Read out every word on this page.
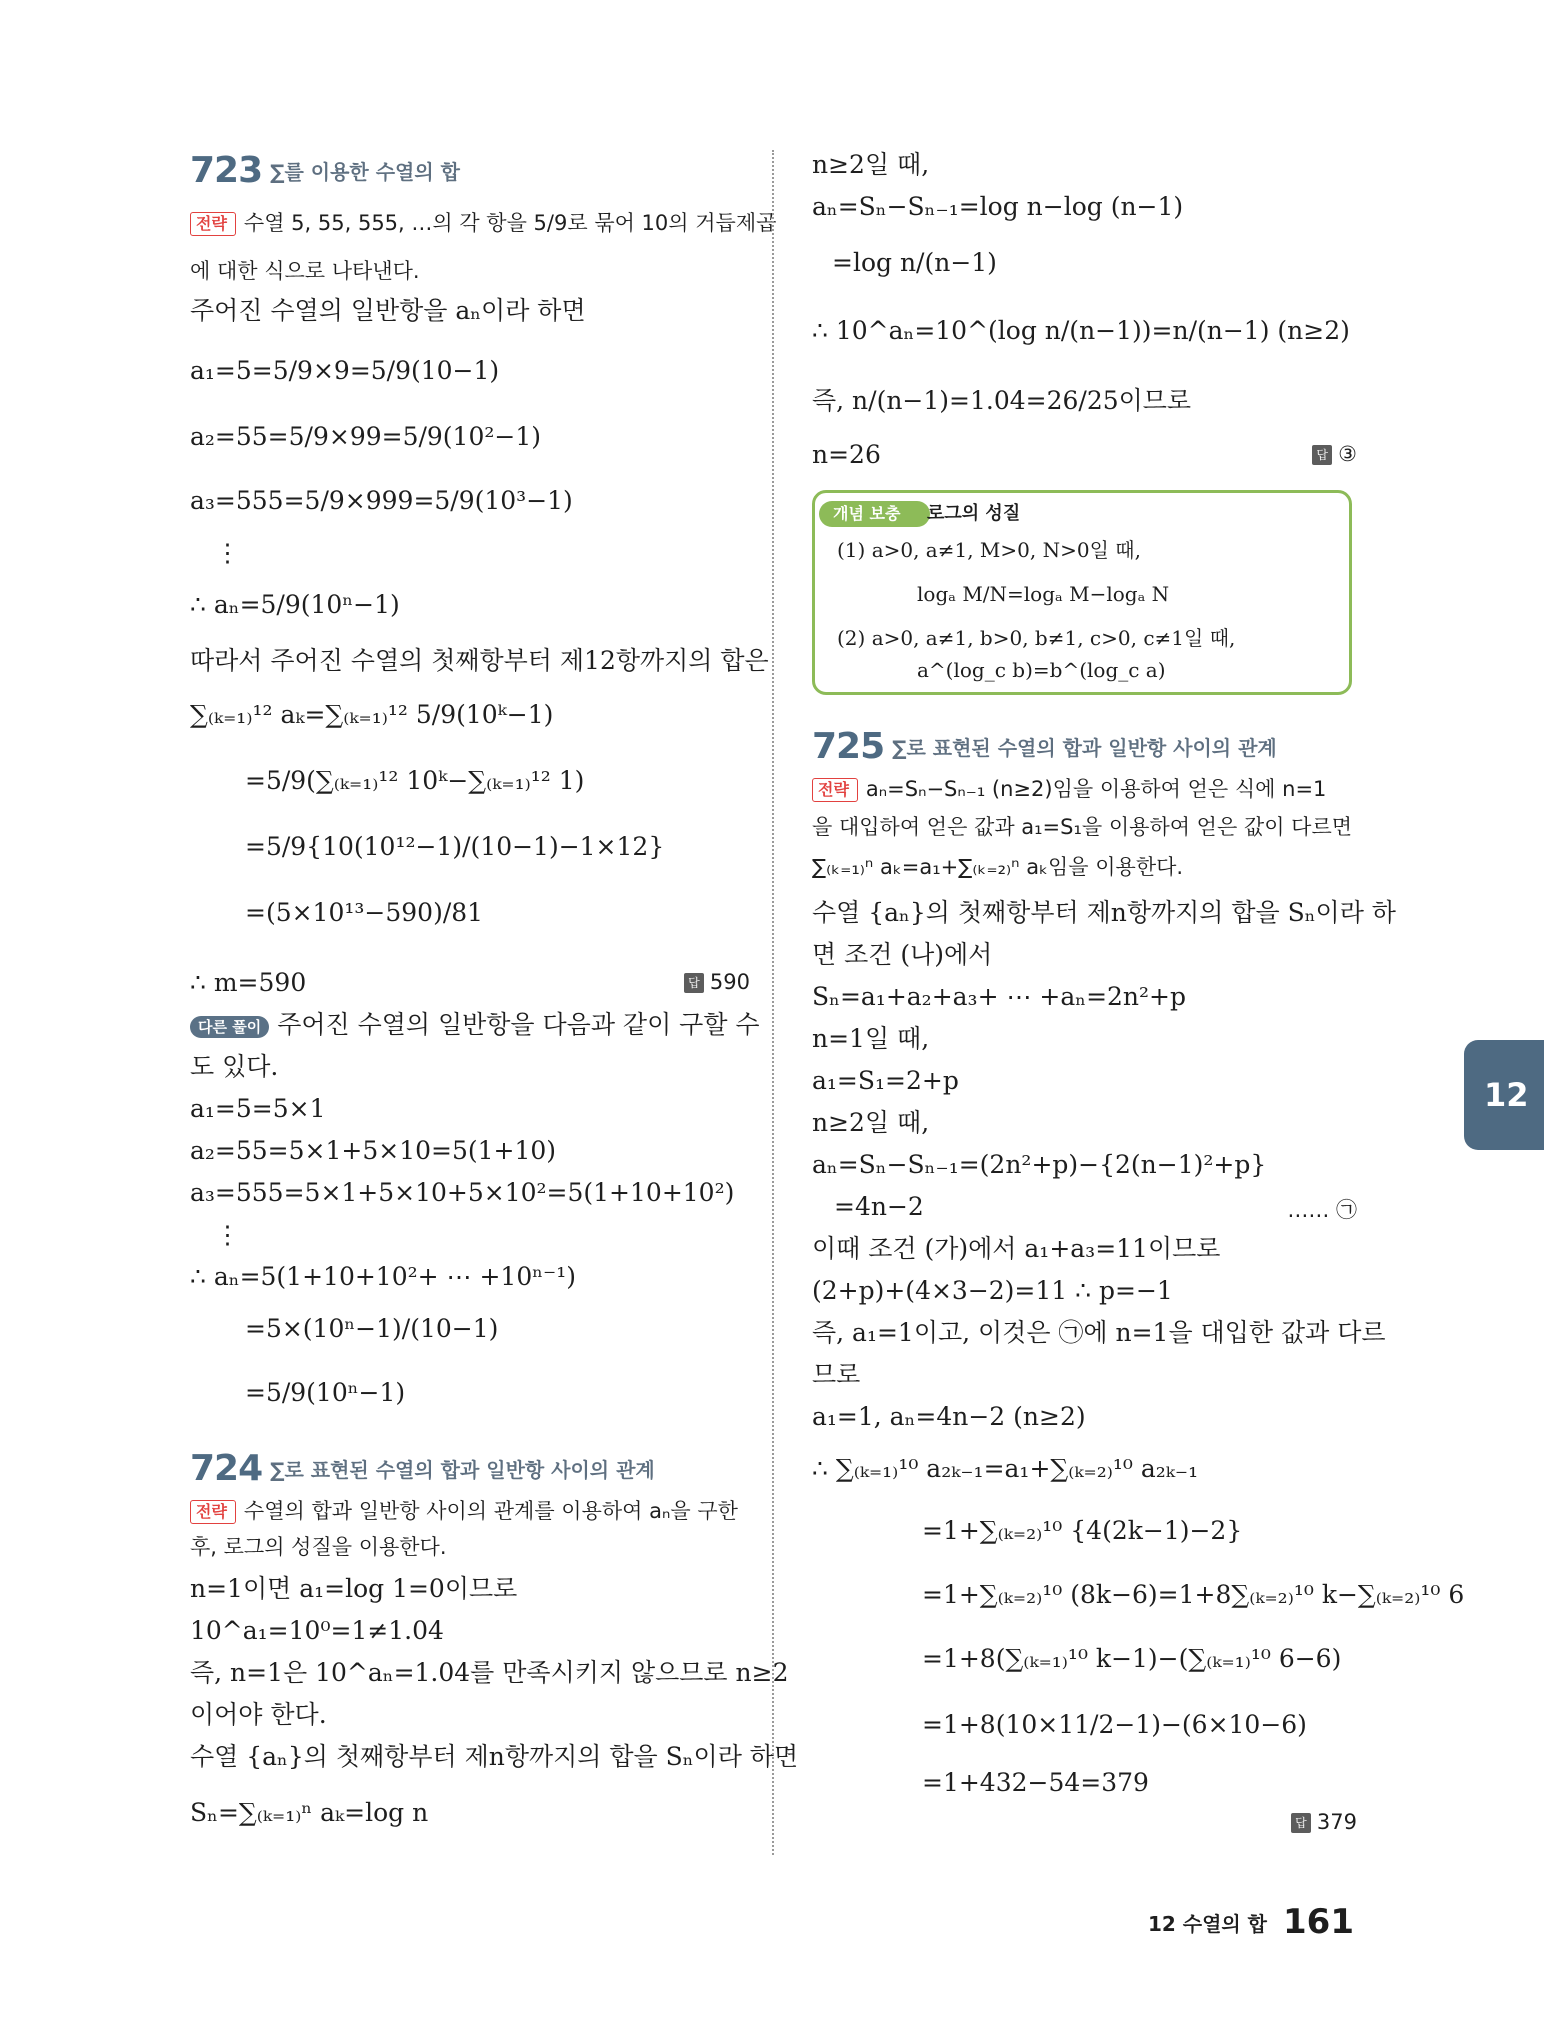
723 ∑를 이용한 수열의 합
전략 수열 5, 55, 555, …의 각 항을 5/9로 묶어 10의 거듭제곱
에 대한 식으로 나타낸다.
주어진 수열의 일반항을 aₙ이라 하면
a₁=5=5/9×9=5/9(10−1)
a₂=55=5/9×99=5/9(10²−1)
a₃=555=5/9×999=5/9(10³−1)
⋮
∴ aₙ=5/9(10ⁿ−1)
따라서 주어진 수열의 첫째항부터 제12항까지의 합은
∑₍ₖ₌₁₎¹² aₖ=∑₍ₖ₌₁₎¹² 5/9(10ᵏ−1)
=5/9(∑₍ₖ₌₁₎¹² 10ᵏ−∑₍ₖ₌₁₎¹² 1)
=5/9{10(10¹²−1)/(10−1)−1×12}
=(5×10¹³−590)/81
∴ m=590	답 590
다른 풀이 주어진 수열의 일반항을 다음과 같이 구할 수
도 있다.
a₁=5=5×1
a₂=55=5×1+5×10=5(1+10)
a₃=555=5×1+5×10+5×10²=5(1+10+10²)
⋮
∴ aₙ=5(1+10+10²+ ⋯ +10ⁿ⁻¹)
=5×(10ⁿ−1)/(10−1)
=5/9(10ⁿ−1)
724 ∑로 표현된 수열의 합과 일반항 사이의 관계
전략 수열의 합과 일반항 사이의 관계를 이용하여 aₙ을 구한
후, 로그의 성질을 이용한다.
n=1이면 a₁=log 1=0이므로
10^a₁=10⁰=1≠1.04
즉, n=1은 10^aₙ=1.04를 만족시키지 않으므로 n≥2
이어야 한다.
수열 {aₙ}의 첫째항부터 제n항까지의 합을 Sₙ이라 하면
Sₙ=∑₍ₖ₌₁₎ⁿ aₖ=log n
n≥2일 때,
aₙ=Sₙ−Sₙ₋₁=log n−log (n−1)
=log n/(n−1)
∴ 10^aₙ=10^(log n/(n−1))=n/(n−1) (n≥2)
즉, n/(n−1)=1.04=26/25이므로
n=26	답 ③
개념 보충	로그의 성질
(1) a>0, a≠1, M>0, N>0일 때,
logₐ M/N=logₐ M−logₐ N
(2) a>0, a≠1, b>0, b≠1, c>0, c≠1일 때,
a^(log_c b)=b^(log_c a)
725 ∑로 표현된 수열의 합과 일반항 사이의 관계
전략 aₙ=Sₙ−Sₙ₋₁ (n≥2)임을 이용하여 얻은 식에 n=1
을 대입하여 얻은 값과 a₁=S₁을 이용하여 얻은 값이 다르면
∑₍ₖ₌₁₎ⁿ aₖ=a₁+∑₍ₖ₌₂₎ⁿ aₖ임을 이용한다.
수열 {aₙ}의 첫째항부터 제n항까지의 합을 Sₙ이라 하
면 조건 (나)에서
Sₙ=a₁+a₂+a₃+ ⋯ +aₙ=2n²+p
n=1일 때,
a₁=S₁=2+p
n≥2일 때,
aₙ=Sₙ−Sₙ₋₁=(2n²+p)−{2(n−1)²+p}
=4n−2	…… ㉠
이때 조건 (가)에서 a₁+a₃=11이므로
(2+p)+(4×3−2)=11 ∴ p=−1
즉, a₁=1이고, 이것은 ㉠에 n=1을 대입한 값과 다르
므로
a₁=1, aₙ=4n−2 (n≥2)
∴ ∑₍ₖ₌₁₎¹⁰ a₂ₖ₋₁=a₁+∑₍ₖ₌₂₎¹⁰ a₂ₖ₋₁
=1+∑₍ₖ₌₂₎¹⁰ {4(2k−1)−2}
=1+∑₍ₖ₌₂₎¹⁰ (8k−6)=1+8∑₍ₖ₌₂₎¹⁰ k−∑₍ₖ₌₂₎¹⁰ 6
=1+8(∑₍ₖ₌₁₎¹⁰ k−1)−(∑₍ₖ₌₁₎¹⁰ 6−6)
=1+8(10×11/2−1)−(6×10−6)
=1+432−54=379
답 379
12
12 수열의 합 161
